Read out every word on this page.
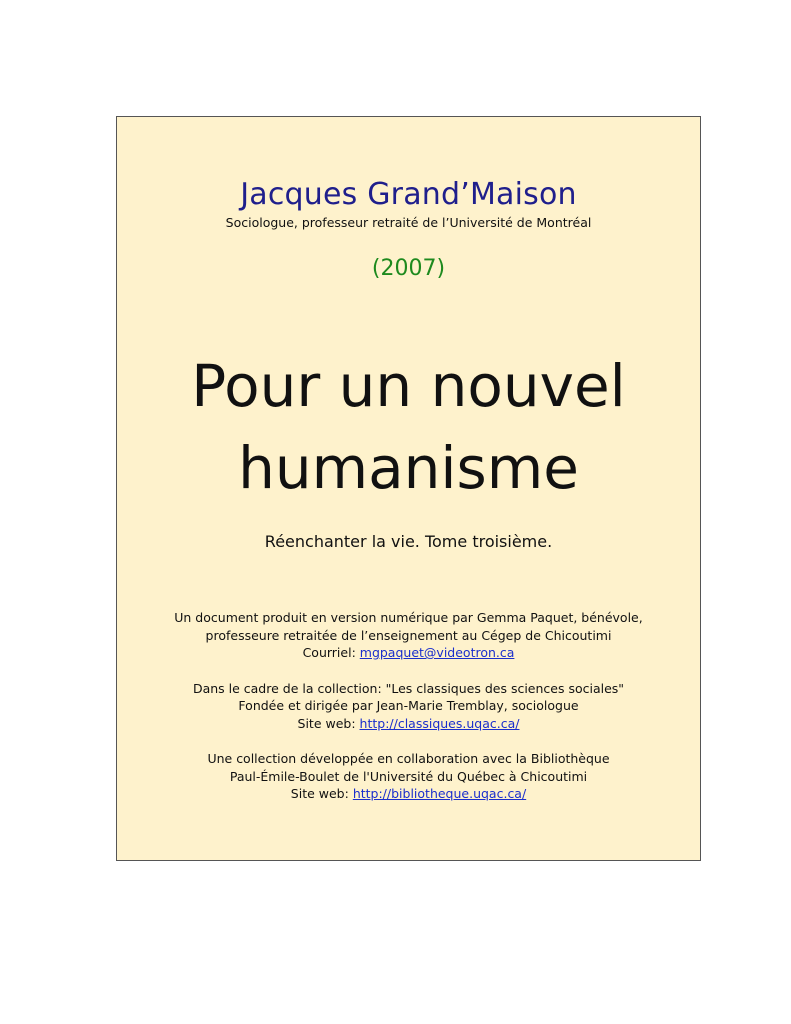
Jacques Grand’Maison
Sociologue, professeur retraité de l’Université de Montréal
(2007)
Pour un nouvel
humanisme
Réenchanter la vie. Tome troisième.

Un document produit en version numérique par Gemma Paquet, bénévole,

professeure retraitée de l’enseignement au Cégep de Chicoutimi

Courriel: mgpaquet@videotron.ca

Dans le cadre de la collection: "Les classiques des sciences sociales"

Fondée et dirigée par Jean-Marie Tremblay, sociologue

Site web: http://classiques.uqac.ca/

Une collection développée en collaboration avec la Bibliothèque

Paul-Émile-Boulet de l'Université du Québec à Chicoutimi

Site web: http://bibliotheque.uqac.ca/
